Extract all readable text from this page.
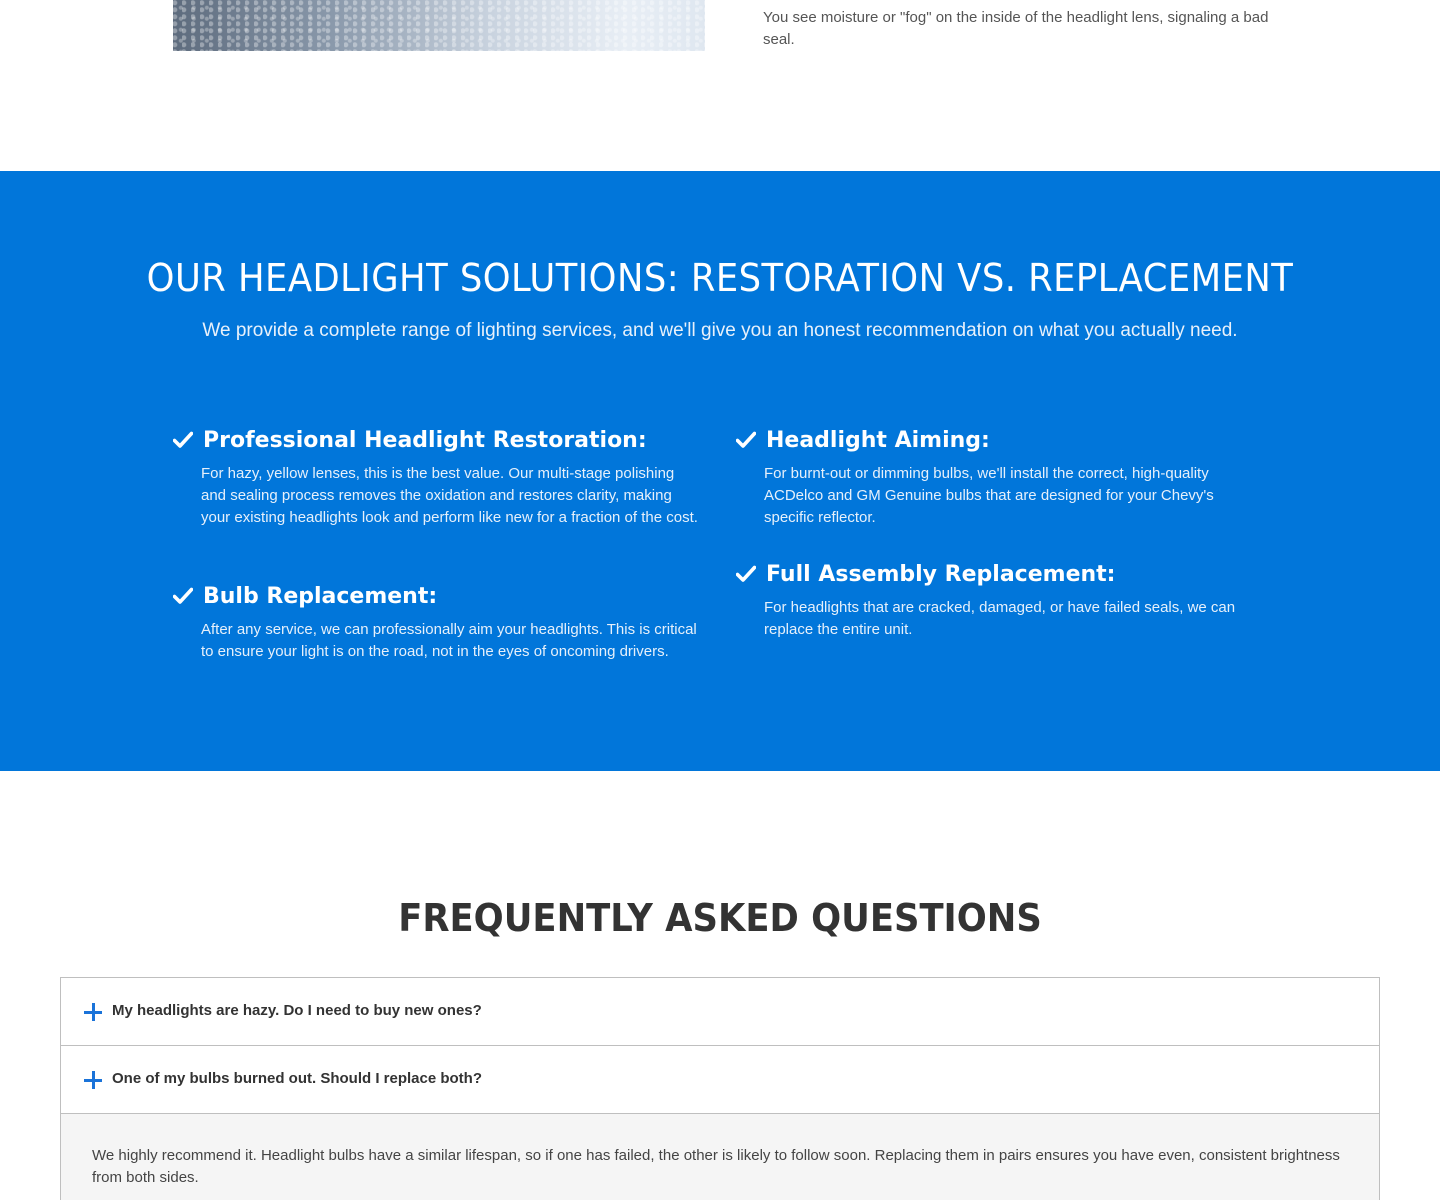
You see moisture or "fog" on the inside of the headlight lens, signaling a bad seal.

OUR HEADLIGHT SOLUTIONS: RESTORATION VS. REPLACEMENT

We provide a complete range of lighting services, and we'll give you an honest recommendation on what you actually need.

Professional Headlight Restoration:

For hazy, yellow lenses, this is the best value. Our multi-stage polishing and sealing process removes the oxidation and restores clarity, making your existing headlights look and perform like new for a fraction of the cost.

Bulb Replacement:

After any service, we can professionally aim your headlights. This is critical to ensure your light is on the road, not in the eyes of oncoming drivers.

Headlight Aiming:

For burnt-out or dimming bulbs, we'll install the correct, high-quality ACDelco and GM Genuine bulbs that are designed for your Chevy's specific reflector.

Full Assembly Replacement:

For headlights that are cracked, damaged, or have failed seals, we can replace the entire unit.

FREQUENTLY ASKED QUESTIONS
My headlights are hazy. Do I need to buy new ones?
One of my bulbs burned out. Should I replace both?

We highly recommend it. Headlight bulbs have a similar lifespan, so if one has failed, the other is likely to follow soon. Replacing them in pairs ensures you have even, consistent brightness from both sides.
